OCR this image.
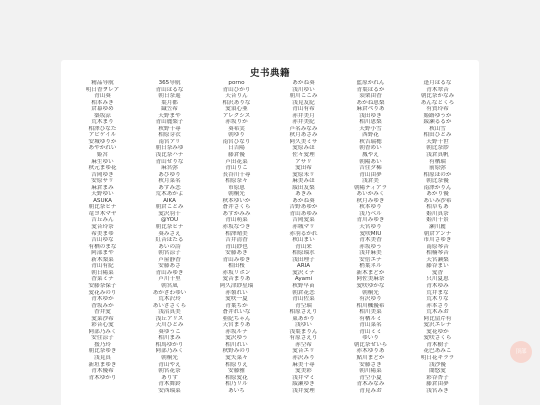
史书典籍
精品导航
明日香ヲレア
青山葵
相本みき
倉幕ゆめ
築坂涼
荒木まり
相澤ひなた
アビゲイル
安城ゆりか
あやかれい
姫宮
麻生ゆい
秋元まゆ花
吉岡ゆき
安原サリ
麻倉まみ
天野ゆい
ASUKA
朝比奈ヒナ
竜ヨ木マヤ
吉丘みん
愛音玲奈
希美まゆ
吉山ゆな
有栖のまな
阿部まや
新木梨菜
青山有紀
朝日陽菜
香菜ミナ
安藤奈保子
愛花みのり
青木ゆか
香坂みか
香井愛
愛菜沙希
彩音心愛
阿部乃みく
安住涼子
援乃玲
朝比奈ゆき
浅見真
新垣まゆき
青木優希
青木ゆかり
365导航
青山はるな
朝日奈遥
葉月都
織笠希
天野まや
青山麗梨子
秋野千尋
相原芽衣
南宮アリ
朝日奈みゆ
浅比奈ハナ
青山せりな
麻宮弥
あびゆり
秋月菜名
あすみ恋
荒木あかよ
AIKA
朝倉ことみ
愛沢羽千
@YOU
朝比奈ヒナ
葵みさえ
紅音ほたる
あいの詩
朝宮涼子
芦屋静香
安藤あさ
青山みゆき
芦川千里
朝宮凪
あかざわゆい
荒木沢玲
あいざさくら
浅沼真美
浅丘アリス
天川ひとみ
葵ゆうこ
相川まみ
相馬ゆかり
阿部乃みく
朝桐光
青山やえ
朝宮花奈
ありす
青木舞鈴
安西瑠菜
porno
青山ひかり
天音りん
相沢ありな
愛須心亜
アレクシス
赤坂りか
葵希実
朝ゆり
南宮ひなり
日吉陽
藤倉優
芦田花菜
青山りこ
長谷川千尋
相原奈々
市原恵
朝桐光
秋本ゆいか
蒼井さくら
あすかみみ
青山萌菜
赤坂なつき
相澤晴美
吉井清香
青山紗也
安藤あき
青山みゆき
相田桜
赤坂リボン
愛音まりあ
阿久津紗星瑠
赤嶺れい
愛咲一夏
青葉ちか
蒼井れいな
亜紀ちゃん
天宮まりあ
赤坂ルナ
愛沢ゆう
相川れい
秋野みのり
愛矢菜々
相原りえ
安藤雅
相原愛花
相乃リル
あいち
あかね葵
浅川ゆい
朝川ここみ
浅見友紀
青山有希
赤井美月
赤井美紀
芦名みなみ
秋月あさみ
阿久美ミサ
愛原みほ
佐々愛理
アサリ
愛田希
愛原未リ
麻美みほ
綾田友梨
あきみ
あかね葵
吉野あゆか
青山あゆみ
吉岡愛菜
赤城マリ
赤羽るかれ
秋山まい
青山来
相原瑠水
浅田理子
ARIA
愛沢ミナ
Ayami
秋野早苗
朝倉花恋
青山佐菜
青空瑠
相原さえり
東あかり
浅ゆい
浅葉まりん
有原さえり
赤空希
愛音エリ
赤沢みり
麻美千尋
愛美彩
浅井マミ
綾瀬ゆき
浅井愛理
藍原かれん
青葉はるか
須栗由香
あかね恵梨
麻倉ぺりあ
浅田ゆき
相川恵梨
天野小雪
西野花
秋吉瑞穂
朝香めい
鳳やえ
朝陽あい
吉住夕稀
青山由夢
浅倉美
朝陽ティアラ
あいかみく
秋月みゆき
秋本ゆり
浅乃ベル
青川みゆき
天宮ゆり
愛咲MIU
青木美香
赤坂ゆう
浅井麻美
安倍エナ
梢葉ネル
新木まどか
阿佐美麻奈
愛咲ゆかな
朝桐光
有沢ゆり
相川楓優希
相川美菜
有栖ルミ
青山菜名
青山ミミ
ゆいり
朝比奈せいら
赤木ゆりあ
鮎川まどか
安藤さき
朝川陽菜
青空小夏
青木みなみ
青見みお
逢月はるな
青木翠音
朝比奈かなみ
あんなとくろ
有賀玲希
姫路ゆうか
綾瀬るるか
秋山雪
相田ひとみ
天野千世
朝比奈紗
浅倉真帆
有栖瑠
前原弥
相原ほのか
朝比奈優
南澤かりん
あかり優
あいみ沙希
相草もあ
姫川真奈
姫川千景
瀬川麗
朝倉アンナ
市川さゆき
南原琴音
相楠琴音
天宮瀬梨
藤谷まい
愛香
只川夏恵
青木ゆみ
荒井まな
荒木りな
赤本さり
荒木みお
阿比留芹有
愛沢エレナ
愛花ゆか
愛咲さくら
青木樹子
花巴あみこ
明日花キララ
浅沙優
闇悠愛
彩谷杏子
藤倉由夢
浅宮みき
顶部
